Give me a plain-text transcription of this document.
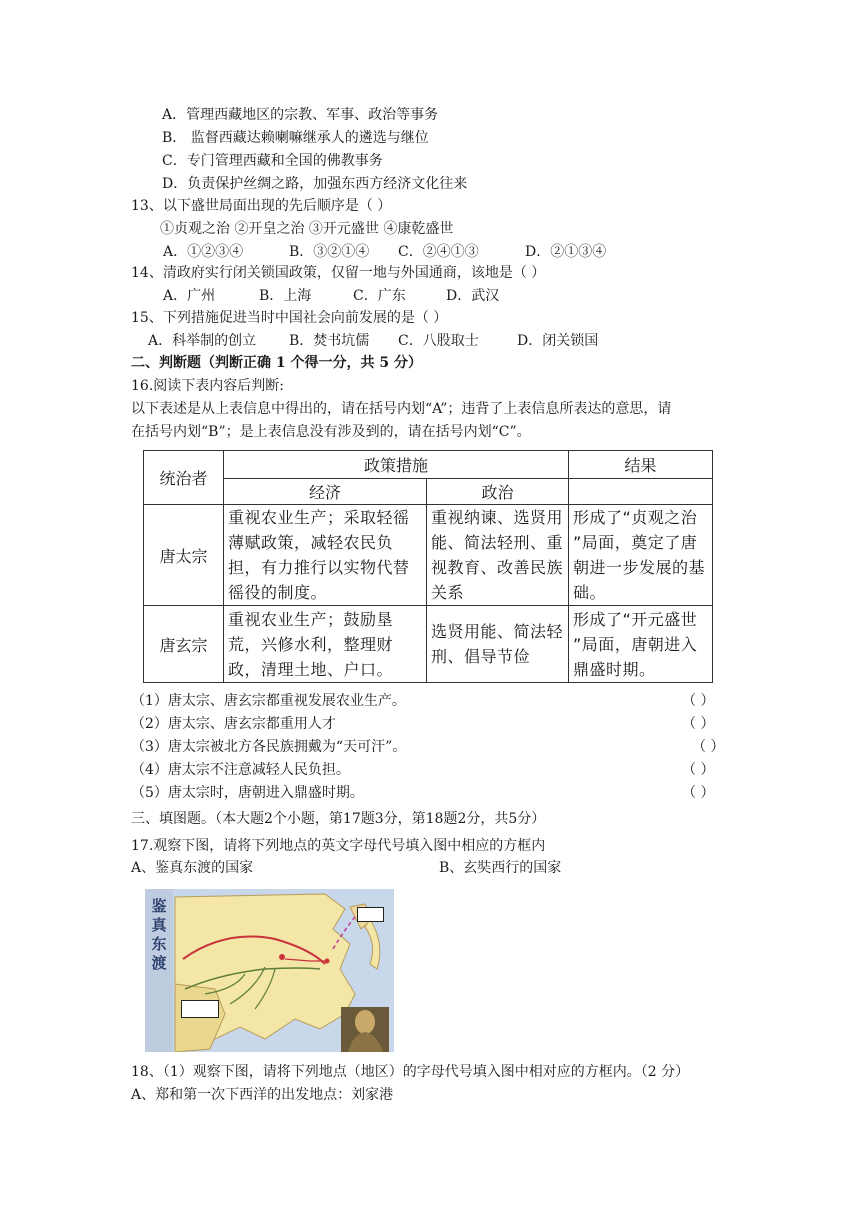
A．管理西藏地区的宗教、军事、政治等事务
B． 监督西藏达赖喇嘛继承人的遴选与继位
C．专门管理西藏和全国的佛教事务
D．负责保护丝绸之路，加强东西方经济文化往来
13、以下盛世局面出现的先后顺序是（ ）
①贞观之治 ②开皇之治 ③开元盛世 ④康乾盛世
A．①②③④	B．③②①④ C．②④①③	D．②①③④
14、清政府实行闭关锁国政策，仅留一地与外国通商，该地是（ ）
A．广州	B．上海	C．广东	D．武汉
15、下列措施促进当时中国社会向前发展的是（ ）
A．科举制的创立 B．焚书坑儒 C．八股取士	D．闭关锁国
二、判断题（判断正确 1 个得一分，共 5 分）
16.阅读下表内容后判断:
以下表述是从上表信息中得出的，请在括号内划“A”；违背了上表信息所表达的意思，请
在括号内划“B”；是上表信息没有涉及到的，请在括号内划“C”。
统治者	政策措施		结果
	经济	政治	
唐太宗	重视农业生产；采取轻徭薄赋政策，减轻农民负担，有力推行以实物代替徭役的制度。	重视纳谏、选贤用能、简法轻刑、重视教育、改善民族关系	形成了“贞观之治 ”局面，奠定了唐朝进一步发展的基础。
唐玄宗	重视农业生产；鼓励垦荒，兴修水利，整理财政，清理土地、户口。	选贤用能、简法轻刑、倡导节俭	形成了“开元盛世 ”局面，唐朝进入鼎盛时期。
（1）唐太宗、唐玄宗都重视发展农业生产。	（ ）
（2）唐太宗、唐玄宗都重用人才	（ ）
（3）唐太宗被北方各民族拥戴为“天可汗”。	（ ）
（4）唐太宗不注意减轻人民负担。	（ ）
（5）唐太宗时，唐朝进入鼎盛时期。	（ ）
三、填图题。（本大题2个小题，第17题3分，第18题2分，共5分）
17.观察下图，请将下列地点的英文字母代号填入图中相应的方框内
A、鉴真东渡的国家	B、玄奘西行的国家
鉴真东渡
18、（1）观察下图，请将下列地点（地区）的字母代号填入图中相对应的方框内。（2 分）
A、郑和第一次下西洋的出发地点：刘家港
